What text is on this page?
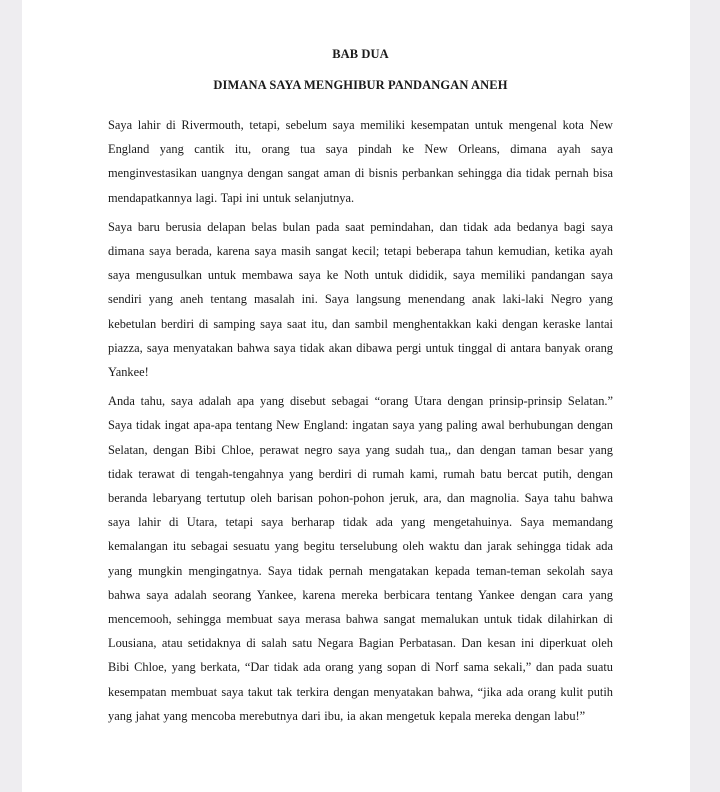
BAB DUA
DIMANA SAYA MENGHIBUR PANDANGAN ANEH

Saya lahir di Rivermouth, tetapi, sebelum saya memiliki kesempatan untuk mengenal kota New England yang cantik itu, orang tua saya pindah ke New Orleans, dimana ayah saya menginvestasikan uangnya dengan sangat aman di bisnis perbankan sehingga dia tidak pernah bisa mendapatkannya lagi. Tapi ini untuk selanjutnya.

Saya baru berusia delapan belas bulan pada saat pemindahan, dan tidak ada bedanya bagi saya dimana saya berada, karena saya masih sangat kecil; tetapi beberapa tahun kemudian, ketika ayah saya mengusulkan untuk membawa saya ke Noth untuk dididik, saya memiliki pandangan saya sendiri yang aneh tentang masalah ini. Saya langsung menendang anak laki-laki Negro yang kebetulan berdiri di samping saya saat itu, dan sambil menghentakkan kaki dengan keraske lantai piazza, saya menyatakan bahwa saya tidak akan dibawa pergi untuk tinggal di antara banyak orang Yankee!

Anda tahu, saya adalah apa yang disebut sebagai “orang Utara dengan prinsip-prinsip Selatan.” Saya tidak ingat apa-apa tentang New England: ingatan saya yang paling awal berhubungan dengan Selatan, dengan Bibi Chloe, perawat negro saya yang sudah tua,, dan dengan taman besar yang tidak terawat di tengah-tengahnya yang berdiri di rumah kami, rumah batu bercat putih, dengan beranda lebaryang tertutup oleh barisan pohon-pohon jeruk, ara, dan magnolia. Saya tahu bahwa saya lahir di Utara, tetapi saya berharap tidak ada yang mengetahuinya. Saya memandang kemalangan itu sebagai sesuatu yang begitu terselubung oleh waktu dan jarak sehingga tidak ada yang mungkin mengingatnya. Saya tidak pernah mengatakan kepada teman-teman sekolah saya bahwa saya adalah seorang Yankee, karena mereka berbicara tentang Yankee dengan cara yang mencemooh, sehingga membuat saya merasa bahwa sangat memalukan untuk tidak dilahirkan di Lousiana, atau setidaknya di salah satu Negara Bagian Perbatasan. Dan kesan ini diperkuat oleh Bibi Chloe, yang berkata, “Dar tidak ada orang yang sopan di Norf sama sekali,” dan pada suatu kesempatan membuat saya takut tak terkira dengan menyatakan bahwa, “jika ada orang kulit putih yang jahat yang mencoba merebutnya dari ibu, ia akan mengetuk kepala mereka dengan labu!”
